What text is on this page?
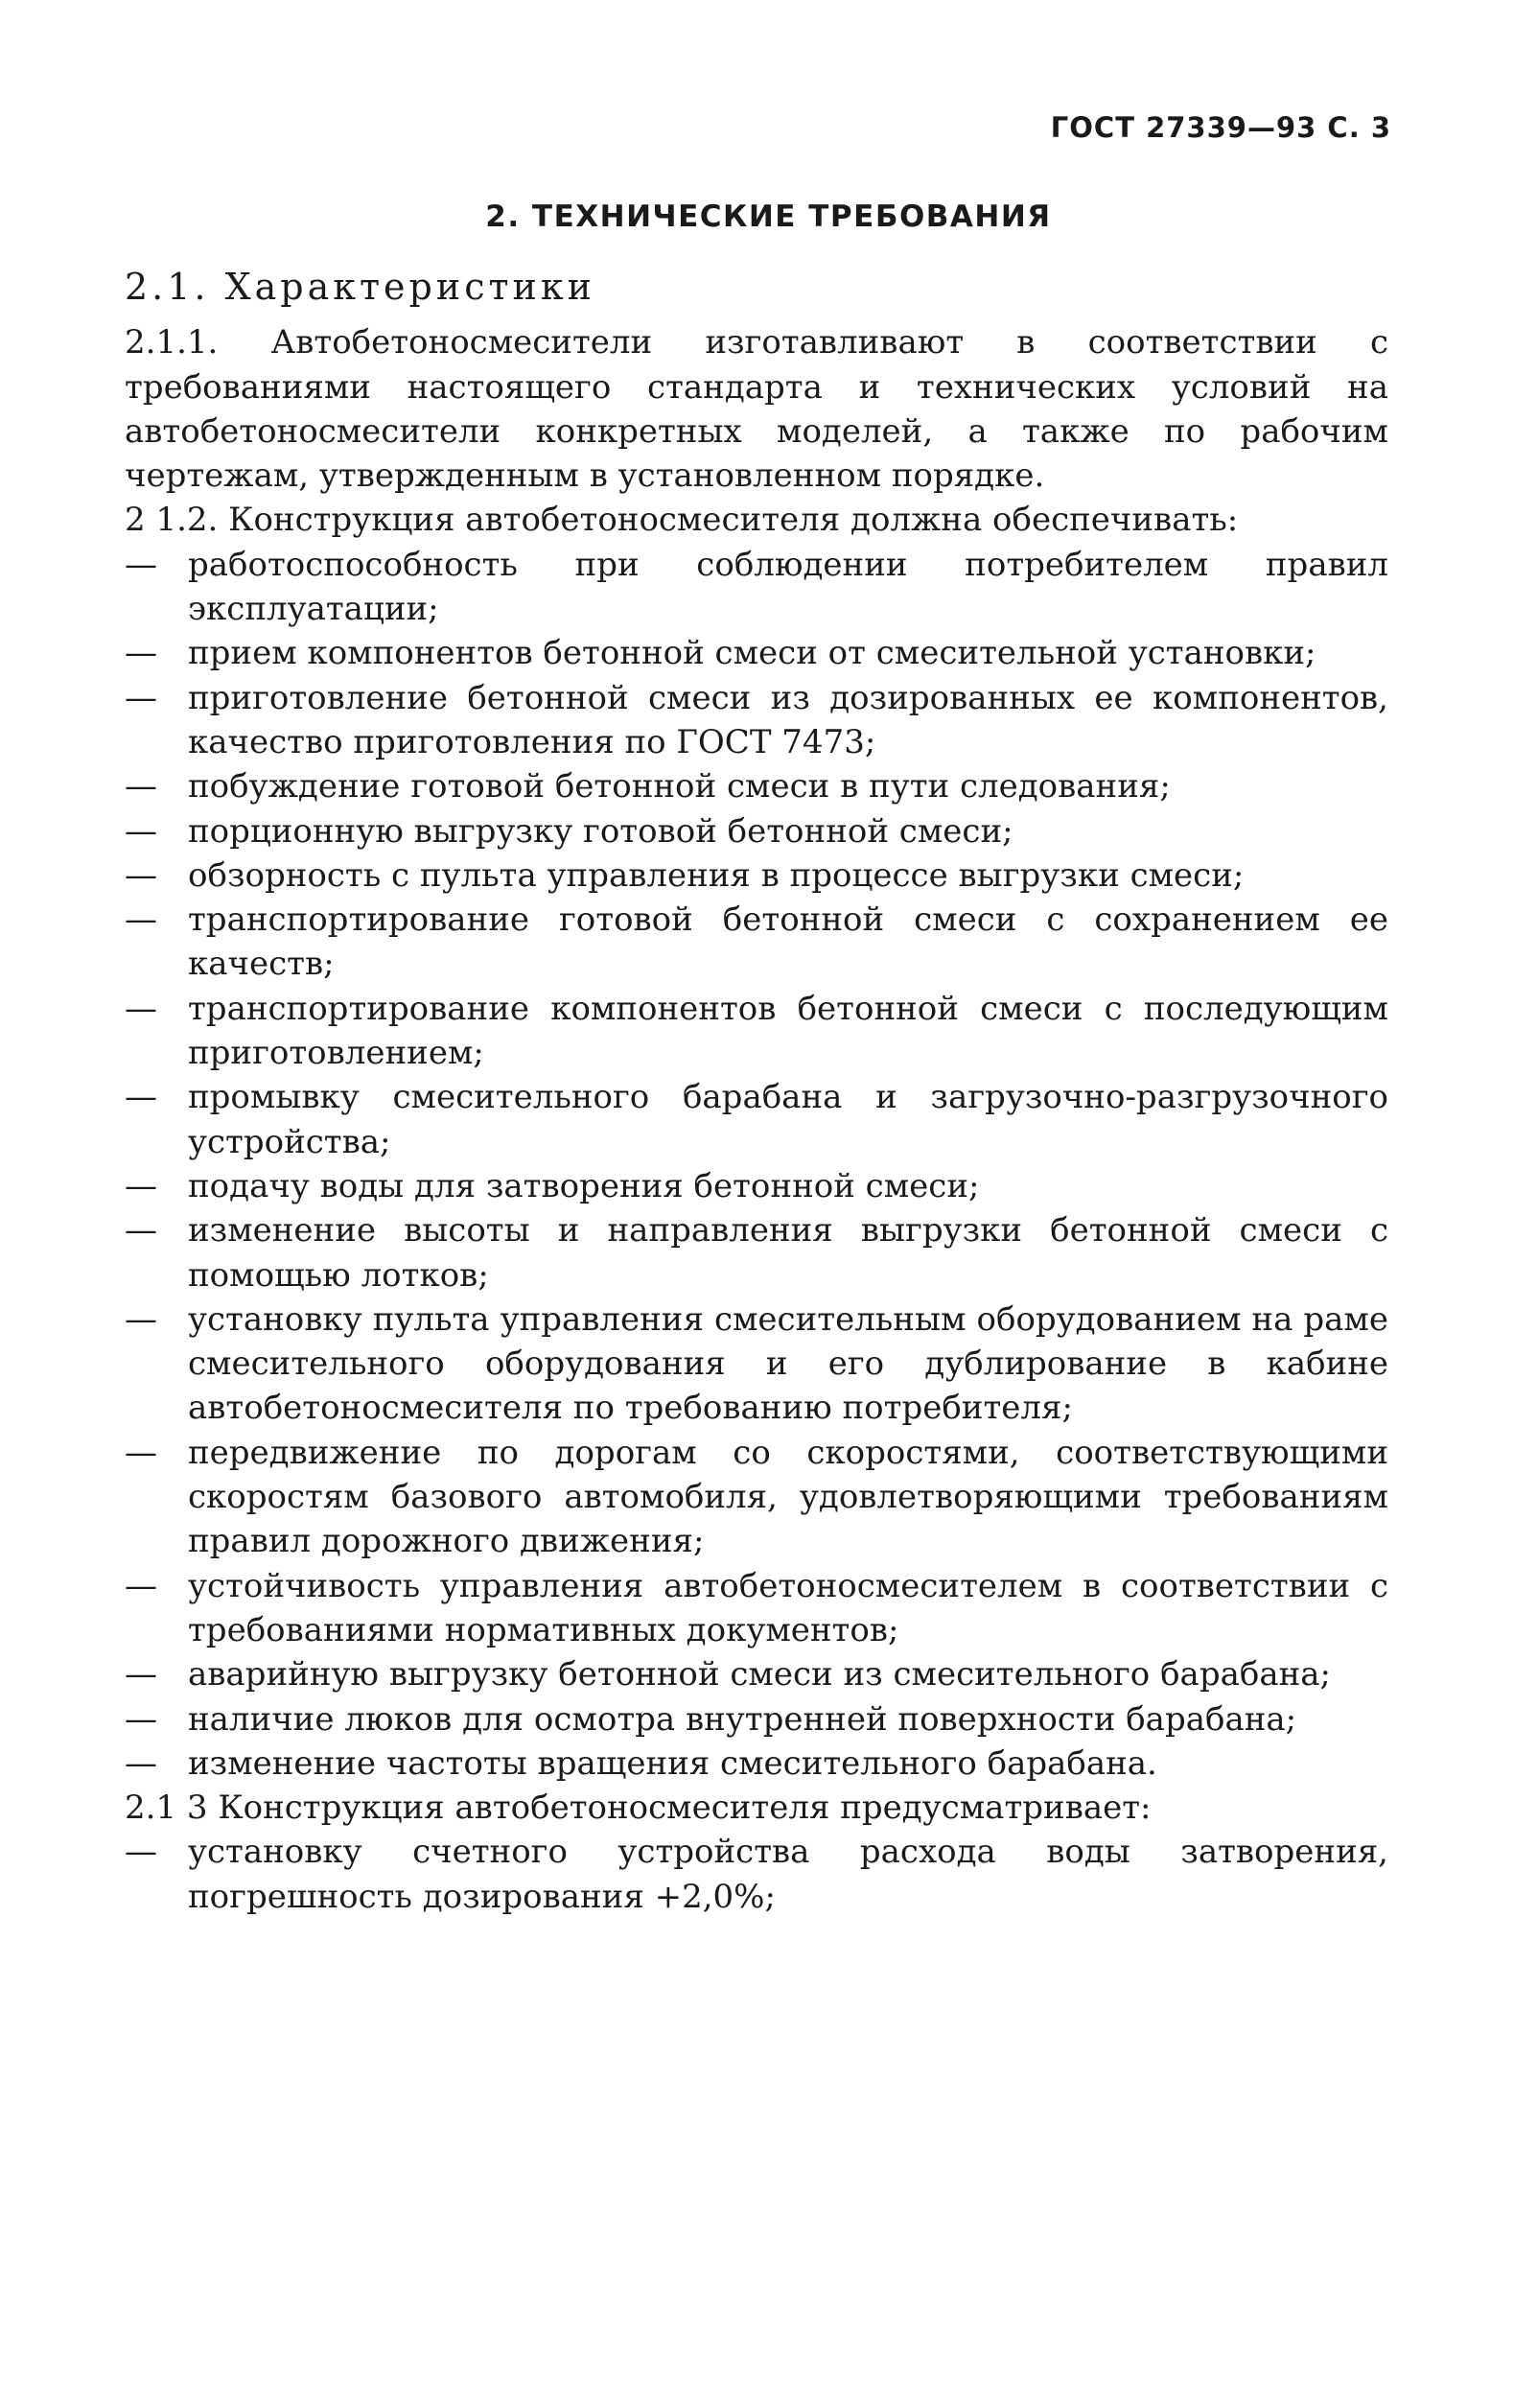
ГОСТ 27339—93 С. 3
2. ТЕХНИЧЕСКИЕ ТРЕБОВАНИЯ
2.1. Характеристики
2.1.1. Автобетоносмесители изготавливают в соответствии с требованиями настоящего стандарта и технических условий на автобетоносмесители конкретных моделей, а также по рабочим чертежам, утвержденным в установленном порядке.
2 1.2. Конструкция автобетоносмесителя должна обеспечивать:
— работоспособность при соблюдении потребителем правил эксплуатации;
— прием компонентов бетонной смеси от смесительной установки;
— приготовление бетонной смеси из дозированных ее компонентов, качество приготовления по ГОСТ 7473;
— побуждение готовой бетонной смеси в пути следования;
— порционную выгрузку готовой бетонной смеси;
— обзорность с пульта управления в процессе выгрузки смеси;
— транспортирование готовой бетонной смеси с сохранением ее качеств;
— транспортирование компонентов бетонной смеси с последующим приготовлением;
— промывку смесительного барабана и загрузочно-разгрузочного устройства;
— подачу воды для затворения бетонной смеси;
— изменение высоты и направления выгрузки бетонной смеси с помощью лотков;
— установку пульта управления смесительным оборудованием на раме смесительного оборудования и его дублирование в кабине автобетоносмесителя по требованию потребителя;
— передвижение по дорогам со скоростями, соответствующими скоростям базового автомобиля, удовлетворяющими требованиям правил дорожного движения;
— устойчивость управления автобетоносмесителем в соответствии с требованиями нормативных документов;
— аварийную выгрузку бетонной смеси из смесительного барабана;
— наличие люков для осмотра внутренней поверхности барабана;
— изменение частоты вращения смесительного барабана.
2.1 3 Конструкция автобетоносмесителя предусматривает:
— установку счетного устройства расхода воды затворения, погрешность дозирования +2,0%;
